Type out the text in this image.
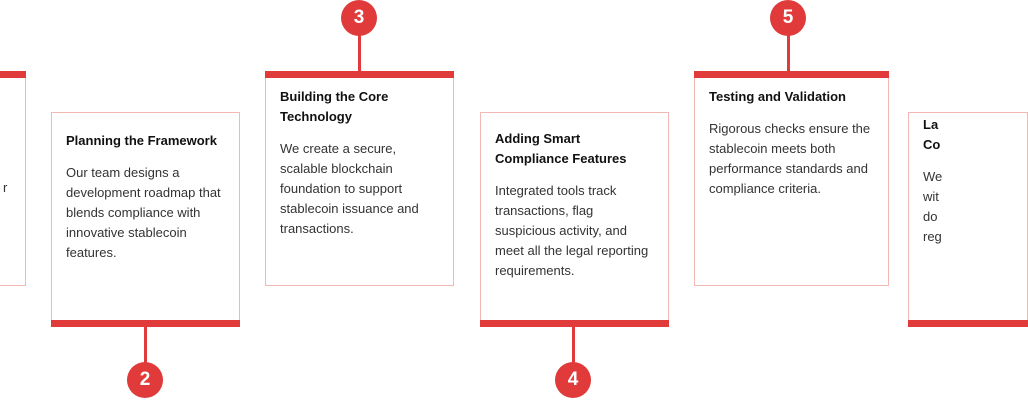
r

Planning the Framework

Our team designs a development roadmap that blends compliance with innovative stablecoin features.

2
3

Building the Core Technology

We create a secure, scalable blockchain foundation to support stablecoin issuance and transactions.

Adding Smart Compliance Features

Integrated tools track transactions, flag suspicious activity, and meet all the legal reporting requirements.

4
5

Testing and Validation

Rigorous checks ensure the stablecoin meets both performance standards and compliance criteria.

La
Co

We
wit
do
reg
